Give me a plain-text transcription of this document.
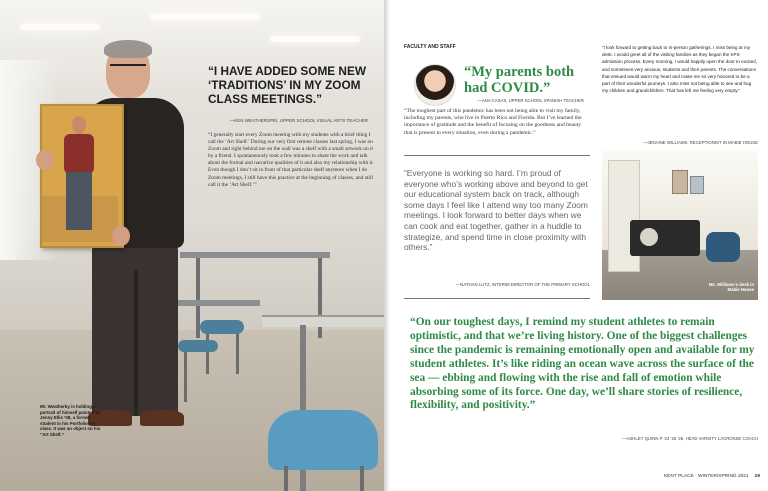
“I HAVE ADDED SOME NEW ‘TRADITIONS’ IN MY ZOOM CLASS MEETINGS.”
—KEN WEATHERSPEI, UPPER SCHOOL VISUAL ARTS TEACHER
“I generally start every Zoom meeting with my students with a brief thing I call the ‘Art Shelf.’ During our very first remote classes last spring, I was on Zoom and right behind me on the wall was a shelf with a small artwork on it by a friend. I spontaneously took a few minutes to share the work and talk about the formal and narrative qualities of it and also my relationship with it. Even though I don’t sit in front of that particular shelf anymore when I do Zoom meetings, I still have this practice at the beginning of classes, and still call it the ‘Art Shelf.’”
Mr. Weatherby is holding a portrait of himself painted by Jenny Ellis ’08, a former student in his Portfolio Art class. It was an object on his “Art Shelf.”
FACULTY AND STAFF
“My parents both had COVID.”
—ANA CASAS, UPPER SCHOOL SPANISH TEACHER
“The toughest part of this pandemic has been not being able to visit my family, including my parents, who live in Puerto Rico and Florida. But I’ve learned the importance of gratitude and the benefit of focusing on the goodness and beauty that is present in every situation, even during a pandemic.”
“Everyone is working so hard. I’m proud of everyone who’s working above and beyond to get our educational system back on track, although some days I feel like I attend way too many Zoom meetings. I look forward to better days when we can cook and eat together, gather in a huddle to strategize, and spend time in close proximity with others.”
—NATHAN LUTZ, INTERIM DIRECTOR OF THE PRIMARY SCHOOL
“I look forward to getting back to in-person gatherings. I miss being at my desk. I would greet all of the visiting families as they began the KPS admission process. Every morning, I would happily open the door to excited, and sometimes very anxious, students and their parents. The conversations that ensued would warm my heart and make me so very honored to be a part of their wonderful journeys. I also miss not being able to see and hug my children and grandchildren. That has left me feeling very empty.”
—JENAINE WILLIAMS, RECEPTIONIST IN MABIE HOUSE
Ms. Williams’s desk in Mabie House
“On our toughest days, I remind my student athletes to remain optimistic, and that we’re living history. One of the biggest challenges since the pandemic is remaining emotionally open and available for my student athletes. It’s like riding an ocean wave across the surface of the sea — ebbing and flowing with the rise and fall of emotion while absorbing some of its force. One day, we’ll share stories of resilience, flexibility, and positivity.”
—ASHLEY QUINN P ’24 ’25 ’28, HEAD VARSITY LACROSSE COACH
KENT PLACE · WINTER/SPRING 2021 29
